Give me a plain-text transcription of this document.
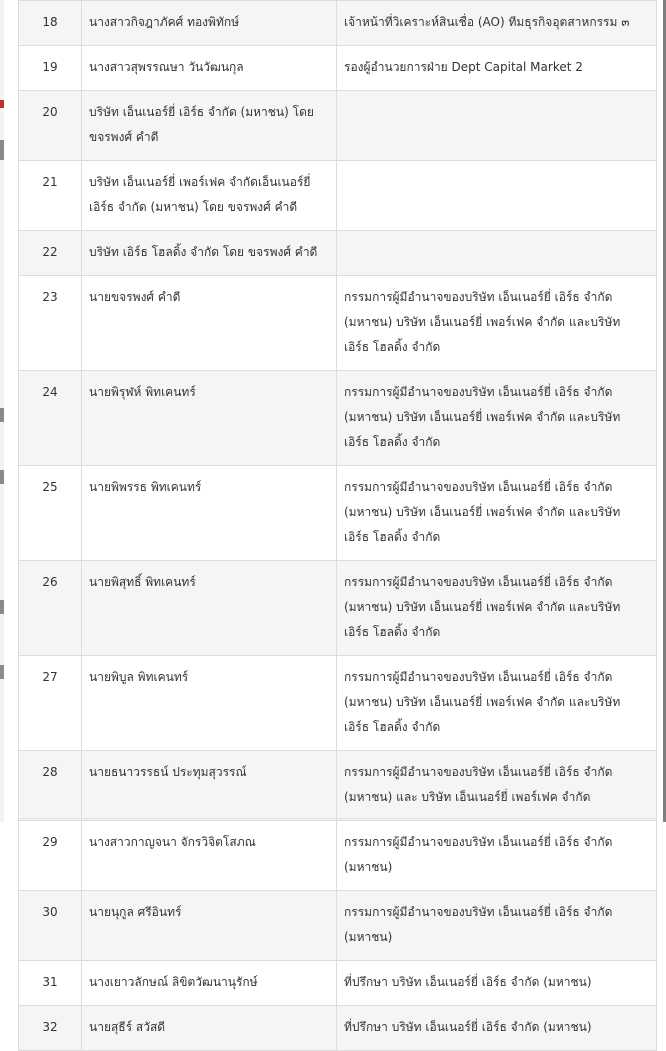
18	นางสาวกิจฎาภัคศ์ ทองพิทักษ์	เจ้าหน้าที่วิเคราะห์สินเชื่อ (AO) ทีมธุรกิจอุตสาหกรรม ๓
19	นางสาวสุพรรณษา วันวัฒนกุล	รองผู้อำนวยการฝ่าย Dept Capital Market 2
20	บริษัท เอ็นเนอร์ยี่ เอิร์ธ จำกัด (มหาชน) โดย ขจรพงศ์ คำดี	
21	บริษัท เอ็นเนอร์ยี่ เพอร์เฟค จำกัดเอ็นเนอร์ยี่ เอิร์ธ จำกัด (มหาชน) โดย ขจรพงศ์ คำดี	
22	บริษัท เอิร์ธ โฮลดิ้ง จำกัด โดย ขจรพงศ์ คำดี	
23	นายขจรพงศ์ คำดี	กรรมการผู้มีอำนาจของบริษัท เอ็นเนอร์ยี่ เอิร์ธ จำกัด (มหาชน) บริษัท เอ็นเนอร์ยี่ เพอร์เฟค จำกัด และบริษัท เอิร์ธ โฮลดิ้ง จำกัด
24	นายพิรุฬห์ พิทเคนทร์	กรรมการผู้มีอำนาจของบริษัท เอ็นเนอร์ยี่ เอิร์ธ จำกัด (มหาชน) บริษัท เอ็นเนอร์ยี่ เพอร์เฟค จำกัด และบริษัท เอิร์ธ โฮลดิ้ง จำกัด
25	นายพิพรรธ พิทเคนทร์	กรรมการผู้มีอำนาจของบริษัท เอ็นเนอร์ยี่ เอิร์ธ จำกัด (มหาชน) บริษัท เอ็นเนอร์ยี่ เพอร์เฟค จำกัด และบริษัท เอิร์ธ โฮลดิ้ง จำกัด
26	นายพิสุทธิ์ พิทเคนทร์	กรรมการผู้มีอำนาจของบริษัท เอ็นเนอร์ยี่ เอิร์ธ จำกัด (มหาชน) บริษัท เอ็นเนอร์ยี่ เพอร์เฟค จำกัด และบริษัท เอิร์ธ โฮลดิ้ง จำกัด
27	นายพิบูล พิทเคนทร์	กรรมการผู้มีอำนาจของบริษัท เอ็นเนอร์ยี่ เอิร์ธ จำกัด (มหาชน) บริษัท เอ็นเนอร์ยี่ เพอร์เฟค จำกัด และบริษัท เอิร์ธ โฮลดิ้ง จำกัด
28	นายธนาวรรธน์ ประทุมสุวรรณ์	กรรมการผู้มีอำนาจของบริษัท เอ็นเนอร์ยี่ เอิร์ธ จำกัด (มหาชน) และ บริษัท เอ็นเนอร์ยี่ เพอร์เฟค จำกัด
29	นางสาวกาญจนา จักรวิจิตโสภณ	กรรมการผู้มีอำนาจของบริษัท เอ็นเนอร์ยี่ เอิร์ธ จำกัด (มหาชน)
30	นายนุกูล ศรีอินทร์	กรรมการผู้มีอำนาจของบริษัท เอ็นเนอร์ยี่ เอิร์ธ จำกัด (มหาชน)
31	นางเยาวลักษณ์ ลิขิตวัฒนานุรักษ์	ที่ปรึกษา บริษัท เอ็นเนอร์ยี่ เอิร์ธ จำกัด (มหาชน)
32	นายสุธีร์ สวัสดี	ที่ปรึกษา บริษัท เอ็นเนอร์ยี่ เอิร์ธ จำกัด (มหาชน)
